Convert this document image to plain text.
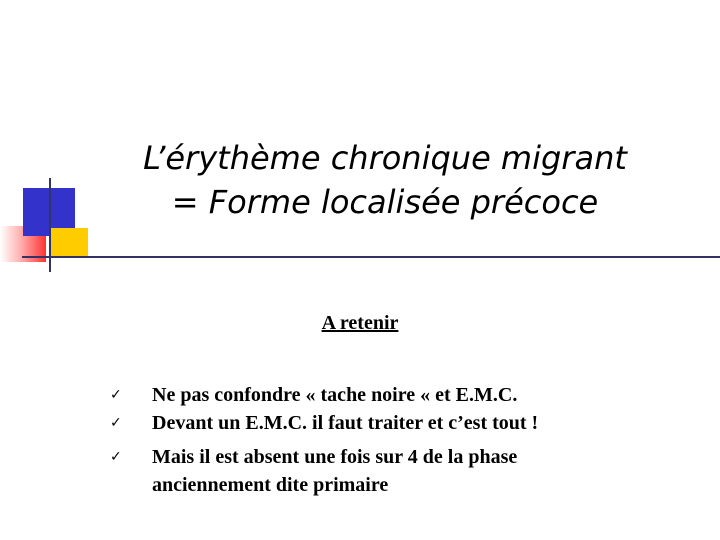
L’érythème chronique migrant
= Forme localisée précoce
A retenir
✓ Ne pas confondre « tache noire « et E.M.C.
✓ Devant un E.M.C. il faut traiter et c’est tout !
✓ Mais il est absent une fois sur 4 de la phase anciennement dite primaire
